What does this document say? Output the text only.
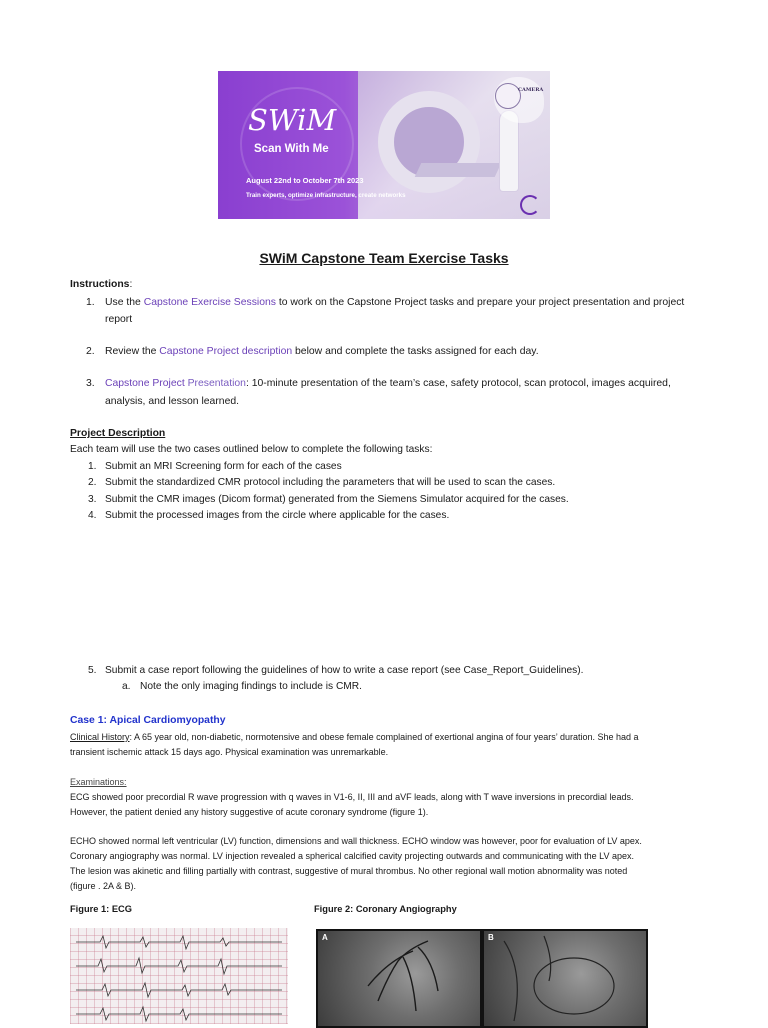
SWiM
Scan With Me
August 22nd to October 7th 2023
Train experts, optimize infrastructure, create networks
CAMERA
SWiM Capstone Team Exercise Tasks
Instructions:
1. Use the Capstone Exercise Sessions to work on the Capstone Project tasks and prepare your project presentation and project
report
2. Review the Capstone Project description below and complete the tasks assigned for each day.
3. Capstone Project Presentation: 10-minute presentation of the team’s case, safety protocol, scan protocol, images acquired,
analysis, and lesson learned.
Project Description
Each team will use the two cases outlined below to complete the following tasks:
1. Submit an MRI Screening form for each of the cases
2. Submit the standardized CMR protocol including the parameters that will be used to scan the cases.
3. Submit the CMR images (Dicom format) generated from the Siemens Simulator acquired for the cases.
4. Submit the processed images from the circle where applicable for the cases.
5. Submit a case report following the guidelines of how to write a case report (see Case_Report_Guidelines).
a. Note the only imaging findings to include is CMR.
Case 1: Apical Cardiomyopathy
Clinical History: A 65 year old, non-diabetic, normotensive and obese female complained of exertional angina of four years’ duration. She had a
transient ischemic attack 15 days ago. Physical examination was unremarkable.
Examinations:
ECG showed poor precordial R wave progression with q waves in V1-6, II, III and aVF leads, along with T wave inversions in precordial leads.
However, the patient denied any history suggestive of acute coronary syndrome (figure 1).
ECHO showed normal left ventricular (LV) function, dimensions and wall thickness. ECHO window was however, poor for evaluation of LV apex.
Coronary angiography was normal. LV injection revealed a spherical calcified cavity projecting outwards and communicating with the LV apex.
The lesion was akinetic and filling partially with contrast, suggestive of mural thrombus. No other regional wall motion abnormality was noted
(figure . 2A & B).
Figure 1: ECG	Figure 2: Coronary Angiography
A	B
